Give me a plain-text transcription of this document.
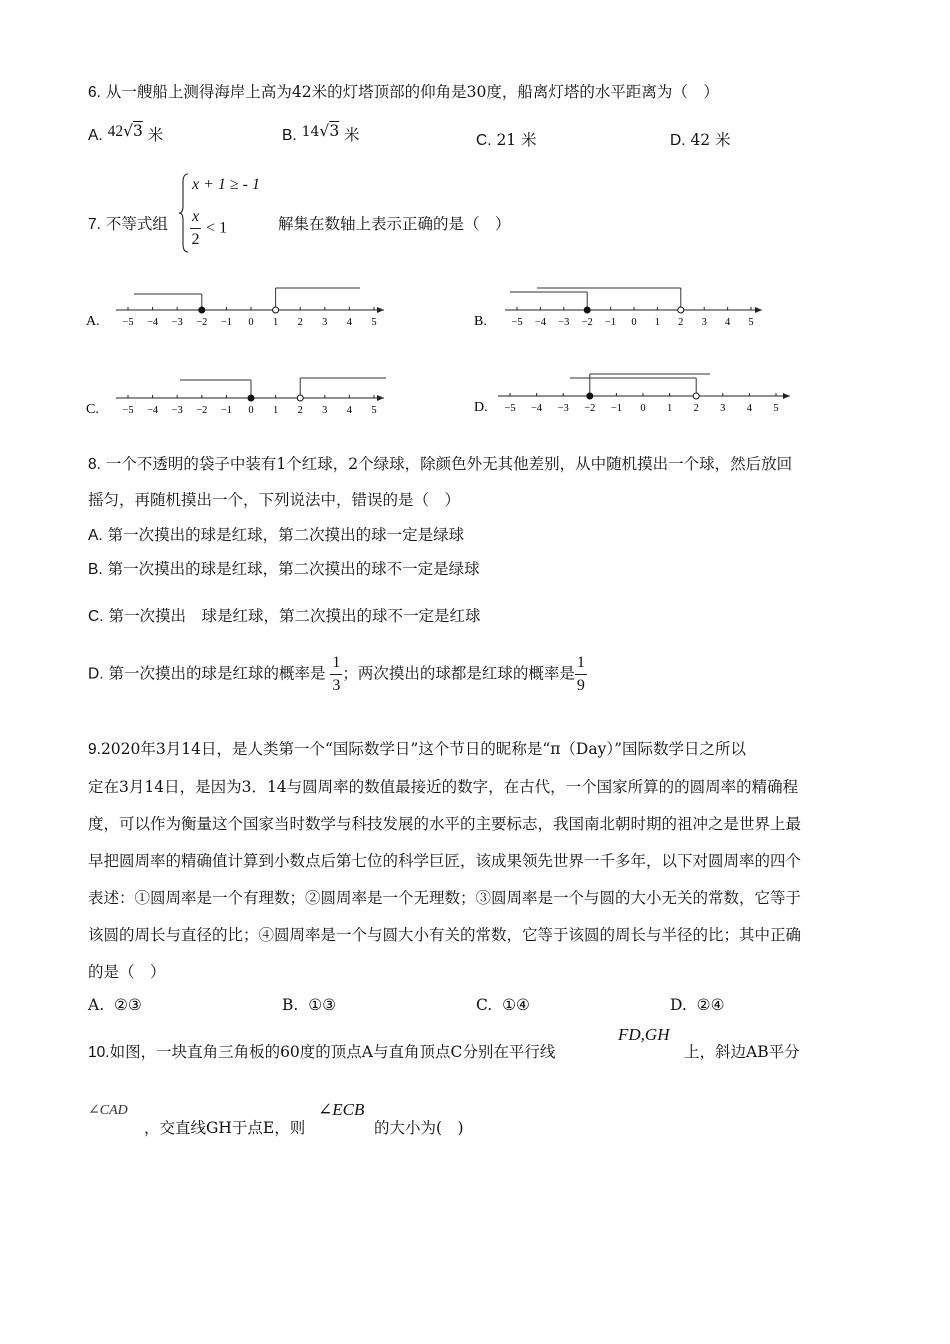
6. 从一艘船上测得海岸上高为42米的灯塔顶部的仰角是30度，船离灯塔的水平距离为（　）
A. 42√3 米	B. 14√3 米	C. 21 米	D. 42 米
7. 不等式组
x + 1 ≥ - 1
$\frac{x}{2} < 1$	解集在数轴上表示正确的是（　）
A. −5 −4 −3 −2 −1 0 1 2 3 4 5	B. −5 −4 −3 −2 −1 0 1 2 3 4 5
C. −5 −4 −3 −2 −1 0 1 2 3 4 5	D. −5 −4 −3 −2 −1 0 1 2 3 4 5
8. 一个不透明的袋子中装有1个红球，2个绿球，除颜色外无其他差别，从中随机摸出一个球，然后放回
摇匀，再随机摸出一个，下列说法中，错误的是（　）
A. 第一次摸出的球是红球，第二次摸出的球一定是绿球
B. 第一次摸出的球是红球，第二次摸出的球不一定是绿球
C. 第一次摸出　球是红球，第二次摸出的球不一定是红球
D. 第一次摸出的球是红球的概率是 $\frac{1}{3}$ ；两次摸出的球都是红球的概率是 $\frac{1}{9}$
9.2020年3月14日，是人类第一个“国际数学日”这个节日的昵称是“π（Day）”国际数学日之所以
定在3月14日，是因为3．14与圆周率的数值最接近的数字，在古代，一个国家所算的的圆周率的精确程
度，可以作为衡量这个国家当时数学与科技发展的水平的主要标志，我国南北朝时期的祖冲之是世界上最
早把圆周率的精确值计算到小数点后第七位的科学巨匠，该成果领先世界一千多年，以下对圆周率的四个
表述：①圆周率是一个有理数；②圆周率是一个无理数；③圆周率是一个与圆的大小无关的常数，它等于
该圆的周长与直径的比；④圆周率是一个与圆大小有关的常数，它等于该圆的周长与半径的比；其中正确
的是（　）
A. ②③	B. ①③	C. ①④	D. ②④
10.如图，一块直角三角板的60度的顶点A与直角顶点C分别在平行线
FD,GH
上，斜边AB平分
∠CAD
，交直线GH于点E，则
∠ECB
的大小为(　)
